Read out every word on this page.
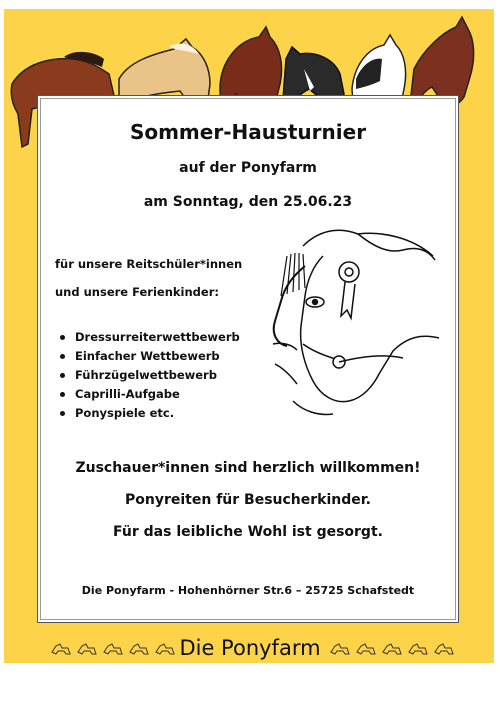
Sommer-Hausturnier
auf der Ponyfarm
am Sonntag, den 25.06.23
für unsere Reitschüler*innen
und unsere Ferienkinder:
Dressurreiterwettbewerb
Einfacher Wettbewerb
Führzügelwettbewerb
Caprilli-Aufgabe
Ponyspiele etc.
Zuschauer*innen sind herzlich willkommen!
Ponyreiten für Besucherkinder.
Für das leibliche Wohl ist gesorgt.
Die Ponyfarm - Hohenhörner Str.6 – 25725 Schafstedt
Die Ponyfarm
